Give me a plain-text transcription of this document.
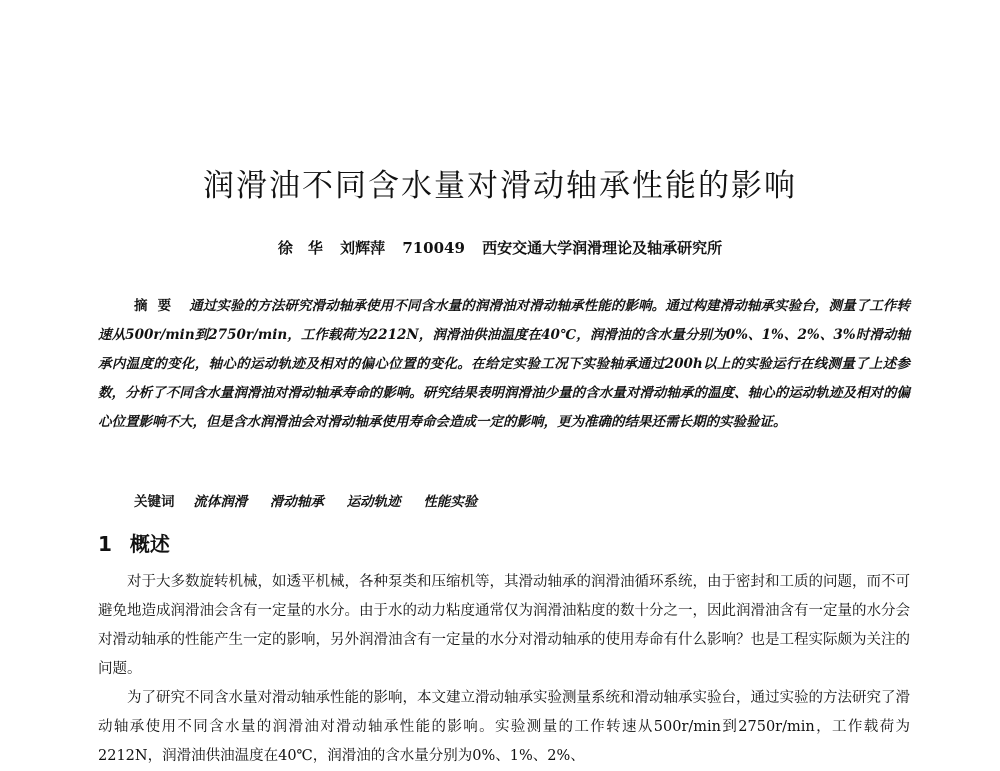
润滑油不同含水量对滑动轴承性能的影响
徐　华 刘辉萍 710049 西安交通大学润滑理论及轴承研究所
摘要 通过实验的方法研究滑动轴承使用不同含水量的润滑油对滑动轴承性能的影响。通过构建滑动轴承实验台，测量了工作转速从500r/min到2750r/min，工作载荷为2212N，润滑油供油温度在40℃，润滑油的含水量分别为0%、1%、2%、3%时滑动轴承内温度的变化，轴心的运动轨迹及相对的偏心位置的变化。在给定实验工况下实验轴承通过200h以上的实验运行在线测量了上述参数，分析了不同含水量润滑油对滑动轴承寿命的影响。研究结果表明润滑油少量的含水量对滑动轴承的温度、轴心的运动轨迹及相对的偏心位置影响不大，但是含水润滑油会对滑动轴承使用寿命会造成一定的影响，更为准确的结果还需长期的实验验证。
关键词 流体润滑 滑动轴承 运动轨迹 性能实验
1 概述

对于大多数旋转机械，如透平机械，各种泵类和压缩机等，其滑动轴承的润滑油循环系统，由于密封和工质的问题，而不可避免地造成润滑油会含有一定量的水分。由于水的动力粘度通常仅为润滑油粘度的数十分之一，因此润滑油含有一定量的水分会对滑动轴承的性能产生一定的影响，另外润滑油含有一定量的水分对滑动轴承的使用寿命有什么影响？也是工程实际颇为关注的问题。

为了研究不同含水量对滑动轴承性能的影响，本文建立滑动轴承实验测量系统和滑动轴承实验台，通过实验的方法研究了滑动轴承使用不同含水量的润滑油对滑动轴承性能的影响。实验测量的工作转速从500r/min到2750r/min，工作载荷为2212N，润滑油供油温度在40℃，润滑油的含水量分别为0%、1%、2%、
